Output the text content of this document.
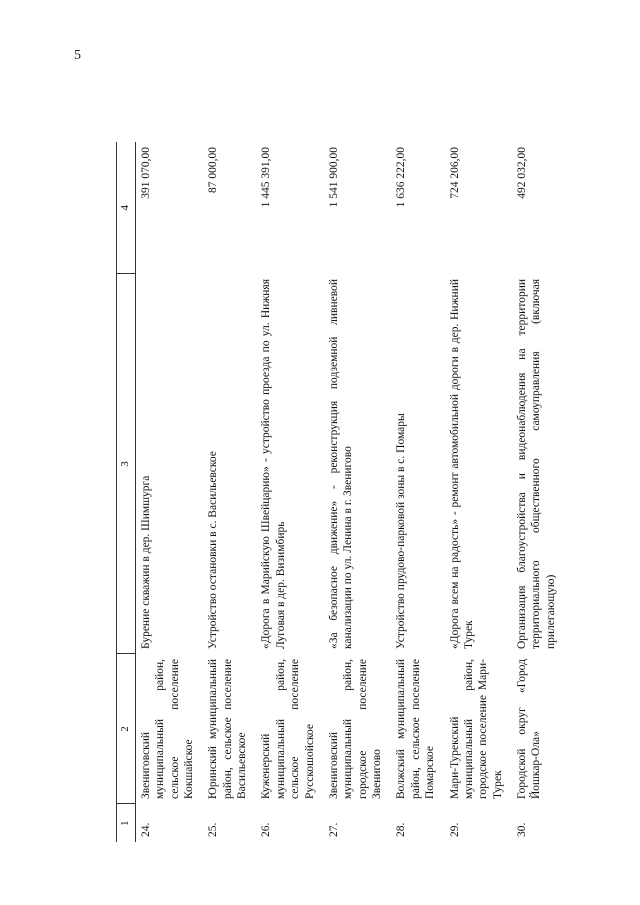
5
1	2	3	4
24.	Звениговский муниципальный район, сельское поселение Кокшайское	Бурение скважин в дер. Шимшурга	391 070,00
25.	Юринский муниципальный район, сельское поселение Васильевское	Устройство остановки в с. Васильевское	87 000,00
26.	Куженерский муниципальный район, сельское поселение Русскошойское	«Дорога в Марийскую Швейцарию» - устройство проезда по ул. Нижняя Луговая в дер. Визимбирь	1 445 391,00
27.	Звениговский муниципальный район, городское поселение Звенигово	«За безопасное движение» - реконструкция подземной ливневой канализации по ул. Ленина в г. Звенигово	1 541 900,00
28.	Волжский муниципальный район, сельское поселение Помарское	Устройство прудово-парковой зоны в с. Помары	1 636 222,00
29.	Мари-Турекский муниципальный район, городское поселение Мари-Турек	«Дорога всем на радость» - ремонт автомобильной дороги в дер. Нижний Турек	724 206,00
30.	Городской округ «Город Йошкар-Ола»	Организация благоустройства и видеонаблюдения на территории территориального общественного самоуправления (включая прилегающую)	492 032,00
